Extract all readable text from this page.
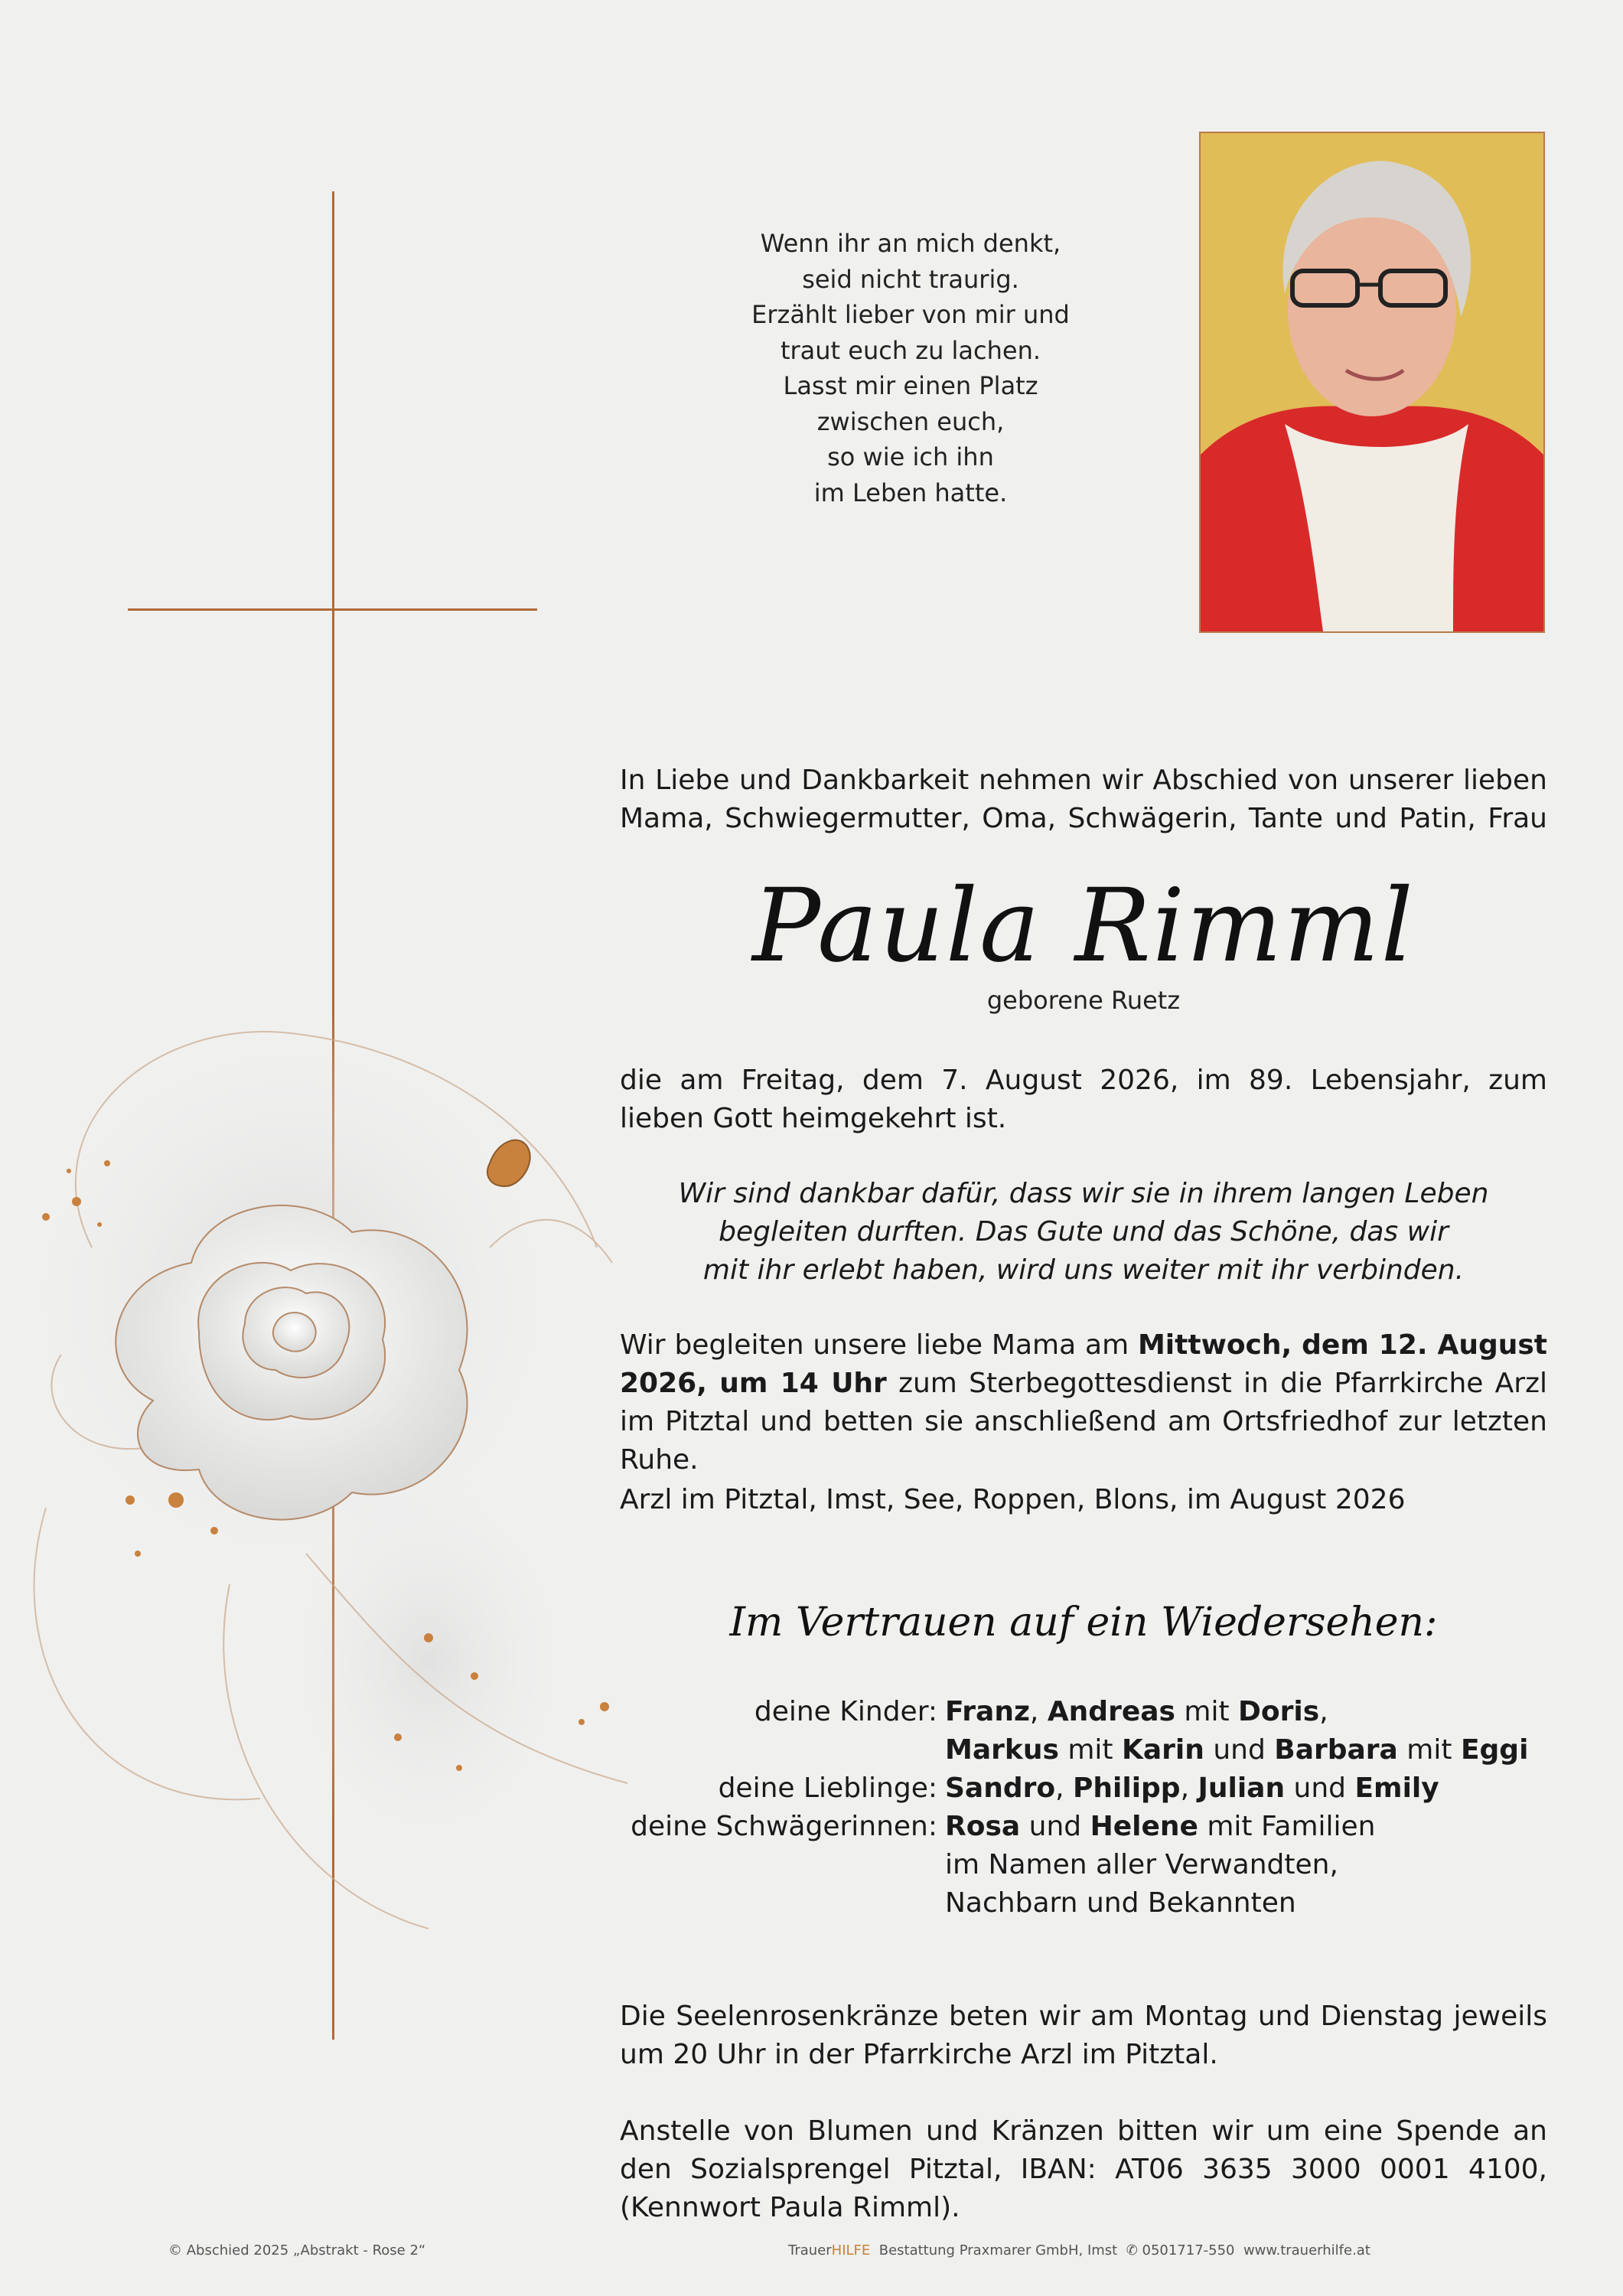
Wenn ihr an mich denkt,
seid nicht traurig.
Erzählt lieber von mir und
traut euch zu lachen.
Lasst mir einen Platz
zwischen euch,
so wie ich ihn
im Leben hatte.
In Liebe und Dankbarkeit nehmen wir Abschied von unserer lieben Mama, Schwiegermutter, Oma, Schwägerin, Tante und Patin, Frau
Paula Rimml
geborene Ruetz
die am Freitag, dem 7. August 2026, im 89. Lebensjahr, zum lieben Gott heimgekehrt ist.
Wir sind dankbar dafür, dass wir sie in ihrem langen Leben
begleiten durften. Das Gute und das Schöne, das wir
mit ihr erlebt haben, wird uns weiter mit ihr verbinden.
Wir begleiten unsere liebe Mama am Mittwoch, dem 12. August 2026, um 14 Uhr zum Sterbegottesdienst in die Pfarrkirche Arzl im Pitztal und betten sie anschließend am Ortsfriedhof zur letzten Ruhe.
Arzl im Pitztal, Imst, See, Roppen, Blons, im August 2026
Im Vertrauen auf ein Wiedersehen:
deine Kinder: Franz, Andreas mit Doris,
Markus mit Karin und Barbara mit Eggi
deine Lieblinge: Sandro, Philipp, Julian und Emily
deine Schwägerinnen: Rosa und Helene mit Familien
im Namen aller Verwandten,
Nachbarn und Bekannten
Die Seelenrosenkränze beten wir am Montag und Dienstag jeweils um 20 Uhr in der Pfarrkirche Arzl im Pitztal.
Anstelle von Blumen und Kränzen bitten wir um eine Spende an den Sozialsprengel Pitztal, IBAN: AT06 3635 3000 0001 4100, (Kennwort Paula Rimml).
© Abschied 2025 „Abstrakt - Rose 2“	TrauerHILFE  Bestattung Praxmarer GmbH, Imst  ✆ 0501717-550  www.trauerhilfe.at
